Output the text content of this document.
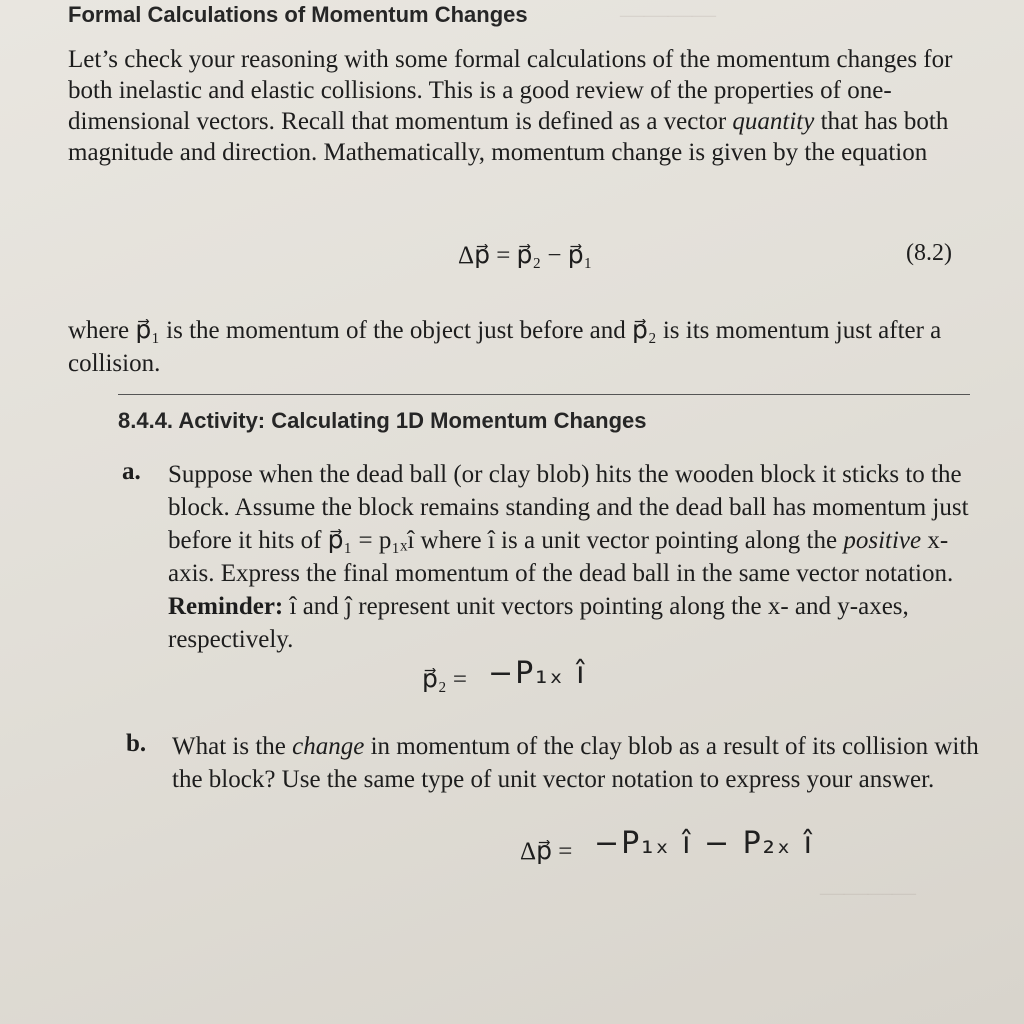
————
————
Formal Calculations of Momentum Changes

Let’s check your reasoning with some formal calculations of the momentum changes for both inelastic and elastic collisions. This is a good review of the properties of one-dimensional vectors. Recall that momentum is defined as a vector quantity that has both magnitude and direction. Mathematically, momentum change is given by the equation

Δp⃗ = p⃗₂ − p⃗₁	(8.2)

where p⃗₁ is the momentum of the object just before and p⃗₂ is its momentum just after a collision.

8.4.4. Activity: Calculating 1D Momentum Changes
a. Suppose when the dead ball (or clay blob) hits the wooden block it sticks to the block. Assume the block remains standing and the dead ball has momentum just before it hits of p⃗₁ = p₁ₓî where î is a unit vector pointing along the positive x-axis. Express the final momentum of the dead ball in the same vector notation. Reminder: î and ĵ represent unit vectors pointing along the x- and y-axes, respectively.

p⃗₂ = −P₁ₓ î
b. What is the change in momentum of the clay blob as a result of its collision with the block? Use the same type of unit vector notation to express your answer.

Δp⃗ = −P₁ₓ î − P₂ₓ î
